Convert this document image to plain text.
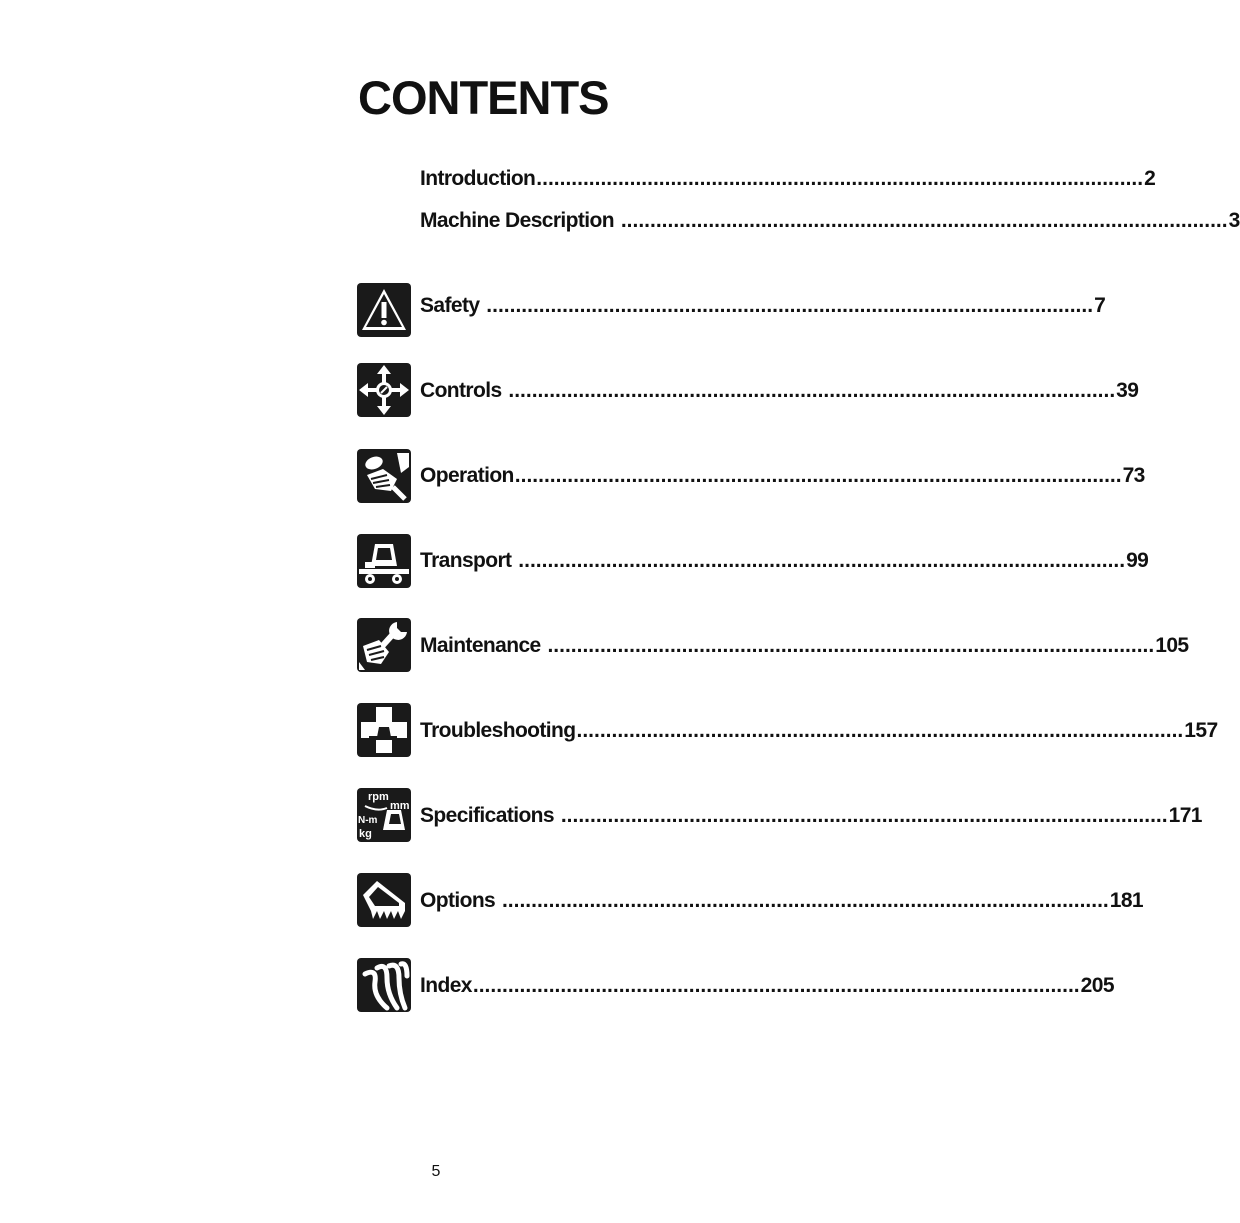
CONTENTS
Introduction ........................................................................................................ 2
Machine Description ........................................................................................................ 3
Safety ........................................................................................................ 7
Controls ........................................................................................................ 39
Operation ........................................................................................................ 73
Transport ........................................................................................................ 99
Maintenance ........................................................................................................ 105
Troubleshooting ........................................................................................................ 157
rpm
mm
N-m
kg
Specifications ........................................................................................................ 171
Options ........................................................................................................ 181
Index ........................................................................................................ 205
5
